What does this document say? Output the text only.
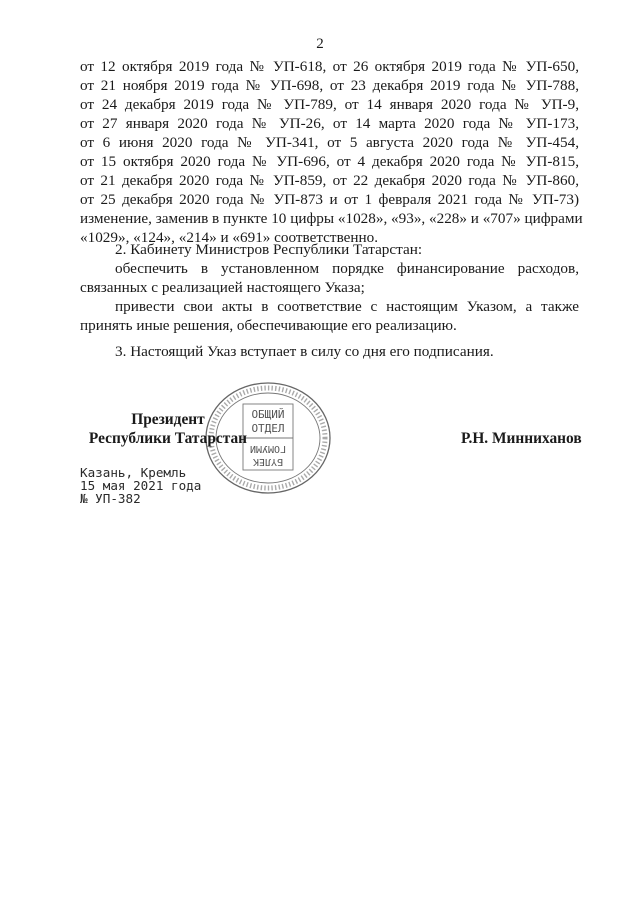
2
от 12 октября 2019 года № УП-618, от 26 октября 2019 года № УП-650,
от 21 ноября 2019 года № УП-698, от 23 декабря 2019 года № УП-788,
от 24 декабря 2019 года № УП-789, от 14 января 2020 года № УП-9,
от 27 января 2020 года № УП-26, от 14 марта 2020 года № УП-173,
от 6 июня 2020 года № УП-341, от 5 августа 2020 года № УП-454,
от 15 октября 2020 года № УП-696, от 4 декабря 2020 года № УП-815,
от 21 декабря 2020 года № УП-859, от 22 декабря 2020 года № УП-860,
от 25 декабря 2020 года № УП-873 и от 1 февраля 2021 года № УП-73)
изменение, заменив в пункте 10 цифры «1028», «93», «228» и «707» цифрами
«1029», «124», «214» и «691» соответственно.
2. Кабинету Министров Республики Татарстан:
обеспечить в установленном порядке финансирование расходов,
связанных с реализацией настоящего Указа;
привести свои акты в соответствие с настоящим Указом, а также
принять иные решения, обеспечивающие его реализацию.
3. Настоящий Указ вступает в силу со дня его подписания.
ОБЩИЙ
ОТДЕЛ
БҮЛЕК
ГОМУМИ
Президент
Республики Татарстан	Р.Н. Минниханов
Казань, Кремль
15 мая 2021 года
№ УП-382
